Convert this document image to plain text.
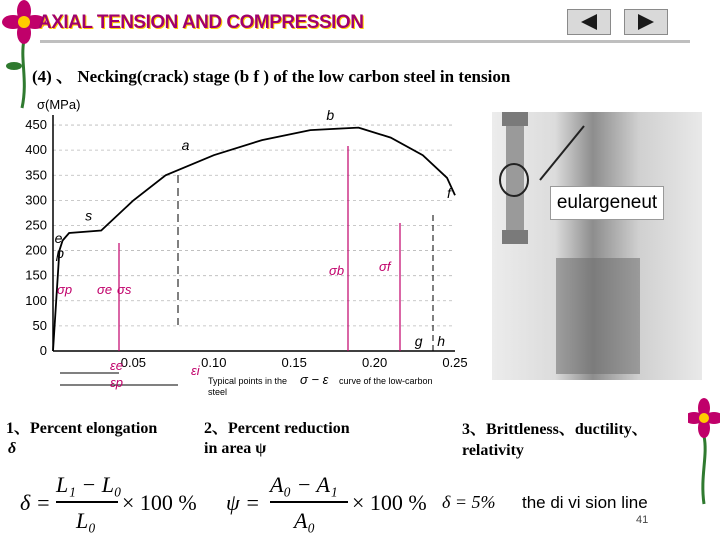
AXIAL TENSION AND COMPRESSION
(4) 、 Necking(crack) stage (b f ) of the low carbon steel in tension
σ(MPa)
0
50
100
150
200
250
300
350
400
450
0.05	0.10	0.15	0.20	0.25
a
b
s
e
p
f
g h
σp σe σs
σb	σf
εe
εp
εi
Typical points in the σ − ε curve of the low-carbon
steel
eulargeneut
1、Percent elongation
δ
2、Percent reduction
in area ψ
3、Brittleness、ductility、
relativity
δ =
L₁ − L₀
L₀
× 100 % ψ =
A₀ − A₁
A₀
× 100 % δ = 5% the di vi sion line
41
